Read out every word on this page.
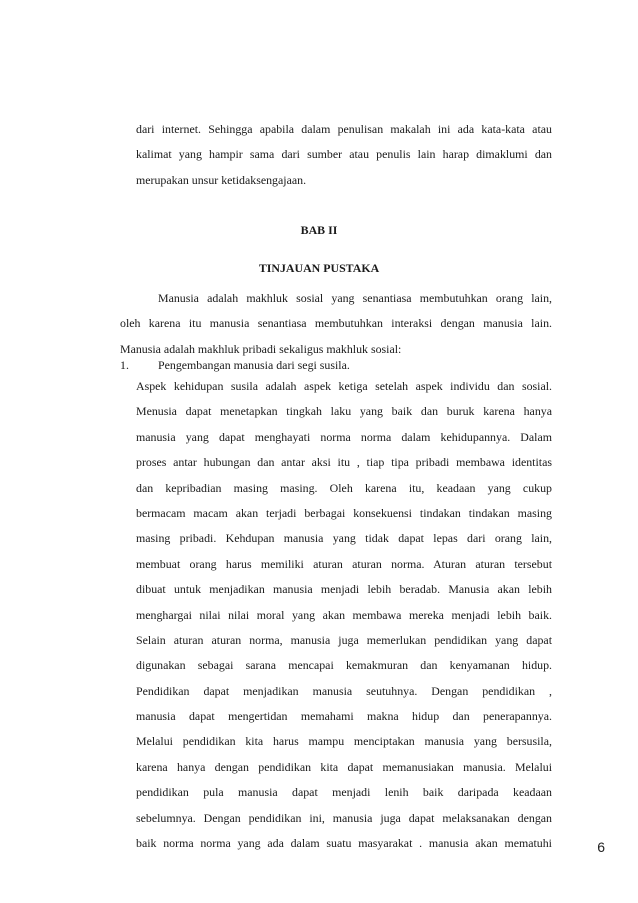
dari internet. Sehingga apabila dalam penulisan makalah ini ada kata-kata atau
kalimat yang hampir sama dari sumber atau penulis lain harap dimaklumi dan
merupakan unsur ketidaksengajaan.
BAB II
TINJAUAN PUSTAKA
Manusia adalah makhluk sosial yang senantiasa membutuhkan orang lain,
oleh karena itu manusia senantiasa membutuhkan interaksi dengan manusia lain.
Manusia adalah makhluk pribadi sekaligus makhluk sosial:
1. Pengembangan manusia dari segi susila.
Aspek kehidupan susila adalah aspek ketiga setelah aspek individu dan sosial.
Menusia dapat menetapkan tingkah laku yang baik dan buruk karena hanya
manusia yang dapat menghayati norma norma dalam kehidupannya. Dalam
proses antar hubungan dan antar aksi itu , tiap tipa pribadi membawa identitas
dan kepribadian masing masing. Oleh karena itu, keadaan yang cukup
bermacam macam akan terjadi berbagai konsekuensi tindakan tindakan masing
masing pribadi. Kehdupan manusia yang tidak dapat lepas dari orang lain,
membuat orang harus memiliki aturan aturan norma. Aturan aturan tersebut
dibuat untuk menjadikan manusia menjadi lebih beradab. Manusia akan lebih
menghargai nilai nilai moral yang akan membawa mereka menjadi lebih baik.
Selain aturan aturan norma, manusia juga memerlukan pendidikan yang dapat
digunakan sebagai sarana mencapai kemakmuran dan kenyamanan hidup.
Pendidikan dapat menjadikan manusia seutuhnya. Dengan pendidikan ,
manusia dapat mengertidan memahami makna hidup dan penerapannya.
Melalui pendidikan kita harus mampu menciptakan manusia yang bersusila,
karena hanya dengan pendidikan kita dapat memanusiakan manusia. Melalui
pendidikan pula manusia dapat menjadi lenih baik daripada keadaan
sebelumnya. Dengan pendidikan ini, manusia juga dapat melaksanakan dengan
baik norma norma yang ada dalam suatu masyarakat . manusia akan mematuhi	6
